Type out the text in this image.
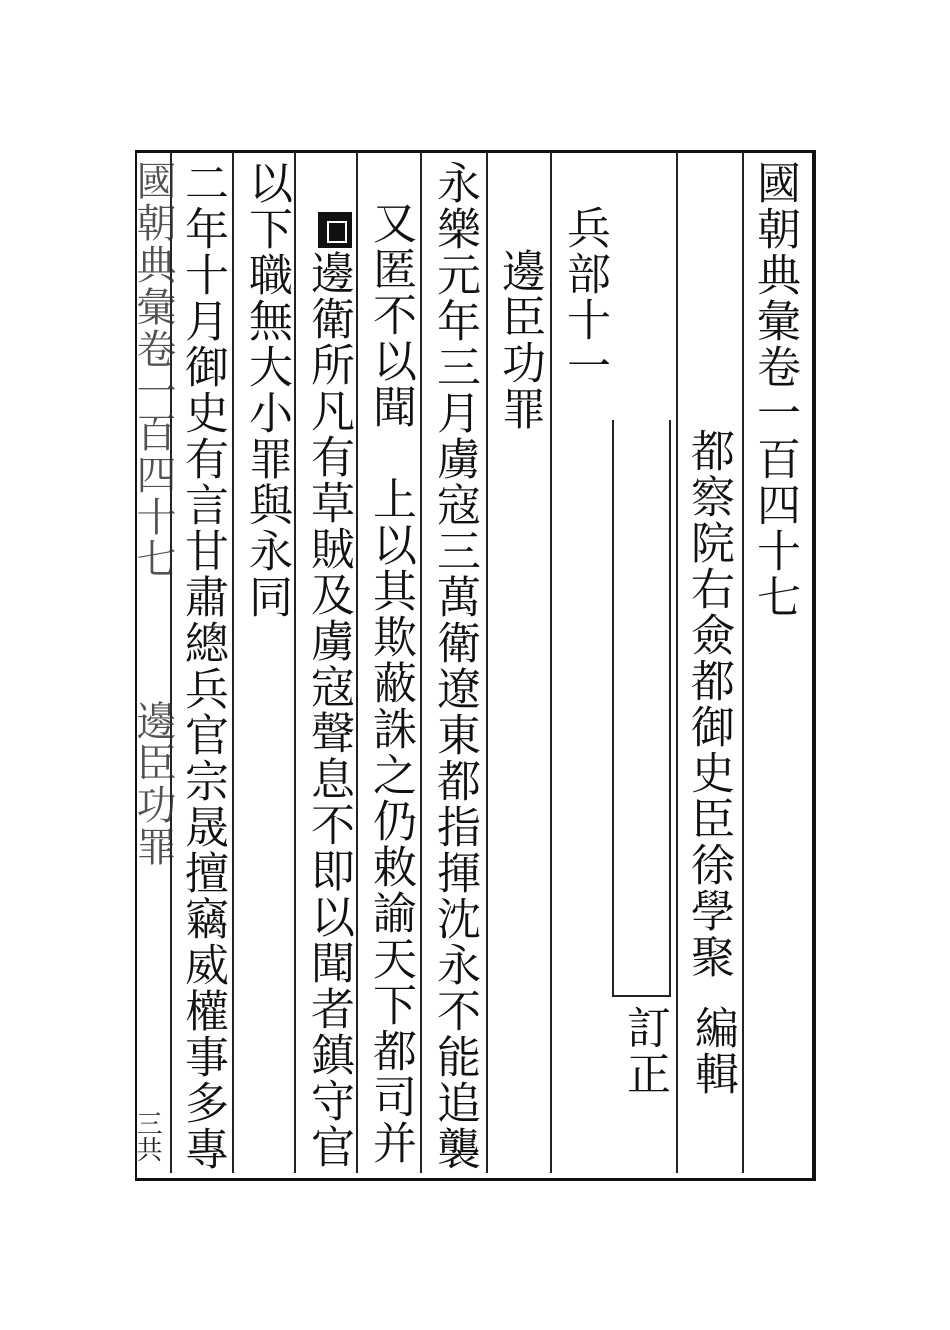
國朝典彙卷一百四十七
都察院右僉都御史臣徐學聚
編輯
訂正
兵部十一
邊臣功罪
永樂元年三月虜寇三萬衛遼東都指揮沈永不能追襲
又匿不以聞　上以其欺蔽誅之仍敕諭天下都司并
邊衛所凡有草賊及虜寇聲息不即以聞者鎮守官
以下職無大小罪與永同
二年十月御史有言甘肅總兵官宗晟擅竊威權事多專
國朝典彙卷一百四十七
邊臣功罪
三共
